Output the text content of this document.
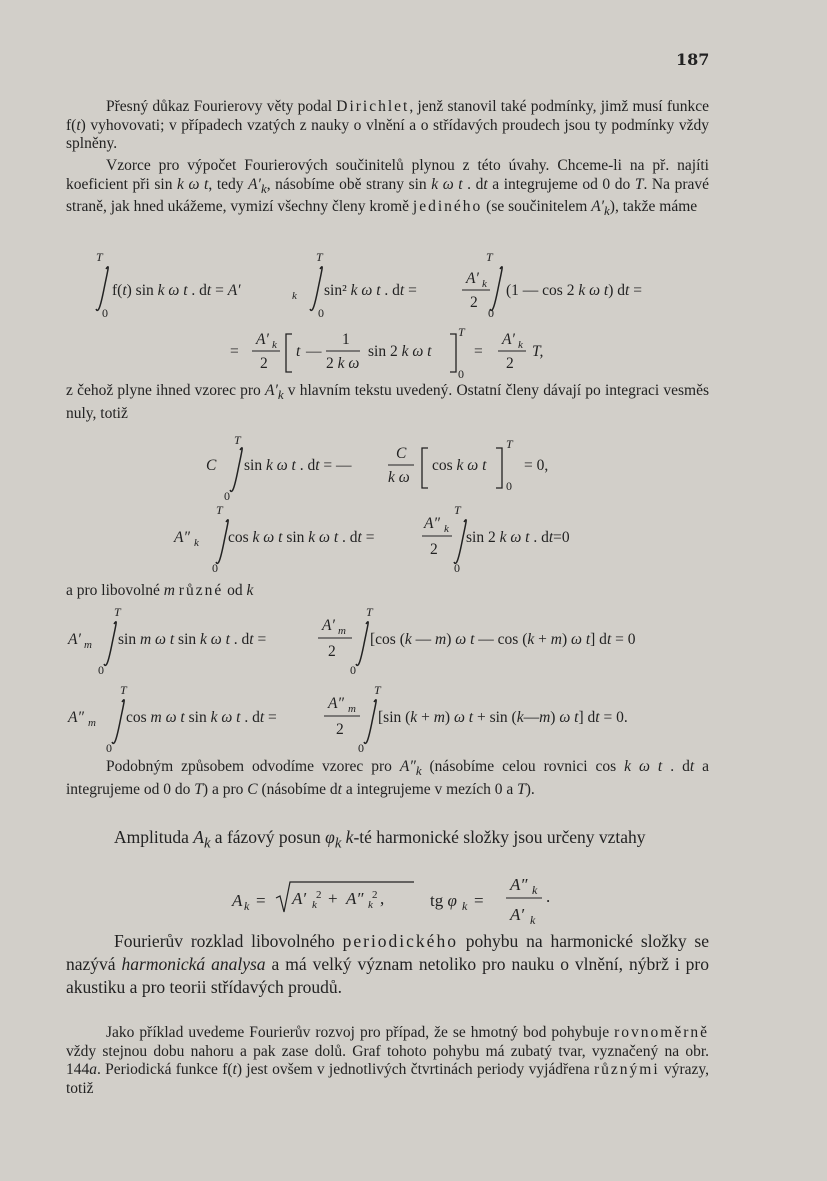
187

Přesný důkaz Fourierovy věty podal Dirichlet, jenž stanovil také podmínky, jimž musí funkce f(t) vyhovovati; v případech vzatých z nauky o vlnění a o střídavých proudech jsou ty podmínky vždy splněny.

Vzorce pro výpočet Fourierových součinitelů plynou z této úvahy. Chceme-li na př. najíti koeficient při sin k ω t, tedy $A'_k$, násobíme obě strany sin k ω t . dt a integrujeme od 0 do T. Na pravé straně, jak hned ukážeme, vymizí všechny členy kromě jediného (se součinitelem $A'_k$), takže máme

T
0
f(t) sin k ω t . dt = A′	k
T
0
sin² k ω t . dt =
A′ k
2
T
0
(1 — cos 2 k ω t) dt =
=
A′ k
2
t —
1
2 k ω
sin 2 k ω t
T
0
=
A′ k
2
T,

z čehož plyne ihned vzorec pro $A'_k$ v hlavním tekstu uvedený. Ostatní členy dávají po integraci vesměs nuly, totiž

C
T
0
sin k ω t . dt = —
C
k ω
cos k ω t
T
0
= 0,
A″ k
T
0
cos k ω t sin k ω t . dt =
A″ k
2
T
0
sin 2 k ω t . dt=0

a pro libovolné m různé od k

A′ m
T
0
sin m ω t sin k ω t . dt =
A′ m
2
T
0
[cos (k — m) ω t — cos (k + m) ω t] dt = 0
A″ m
T
0
cos m ω t sin k ω t . dt =
A″ m
2
T
0
[sin (k + m) ω t + sin (k—m) ω t] dt = 0.

Podobným způsobem odvodíme vzorec pro $A''_k$ (násobíme celou rovnici cos k ω t . dt a integrujeme od 0 do T) a pro C (násobíme dt a integrujeme v mezích 0 a T).

Amplituda $A_k$ a fázový posun $\varphi_k$ k-té harmonické složky jsou určeny vztahy

A k = A′ k
2 + A″ k
2 ,	tg φ k =
A″ k
A′ k
.

Fourierův rozklad libovolného periodického pohybu na harmonické složky se nazývá harmonická analysa a má velký význam netoliko pro nauku o vlnění, nýbrž i pro akustiku a pro teorii střídavých proudů.

Jako příklad uvedeme Fourierův rozvoj pro případ, že se hmotný bod pohybuje rovnoměrně vždy stejnou dobu nahoru a pak zase dolů. Graf tohoto pohybu má zubatý tvar, vyznačený na obr. 144a. Periodická funkce f(t) jest ovšem v jednotlivých čtvrtinách periody vyjádřena různými výrazy, totiž
